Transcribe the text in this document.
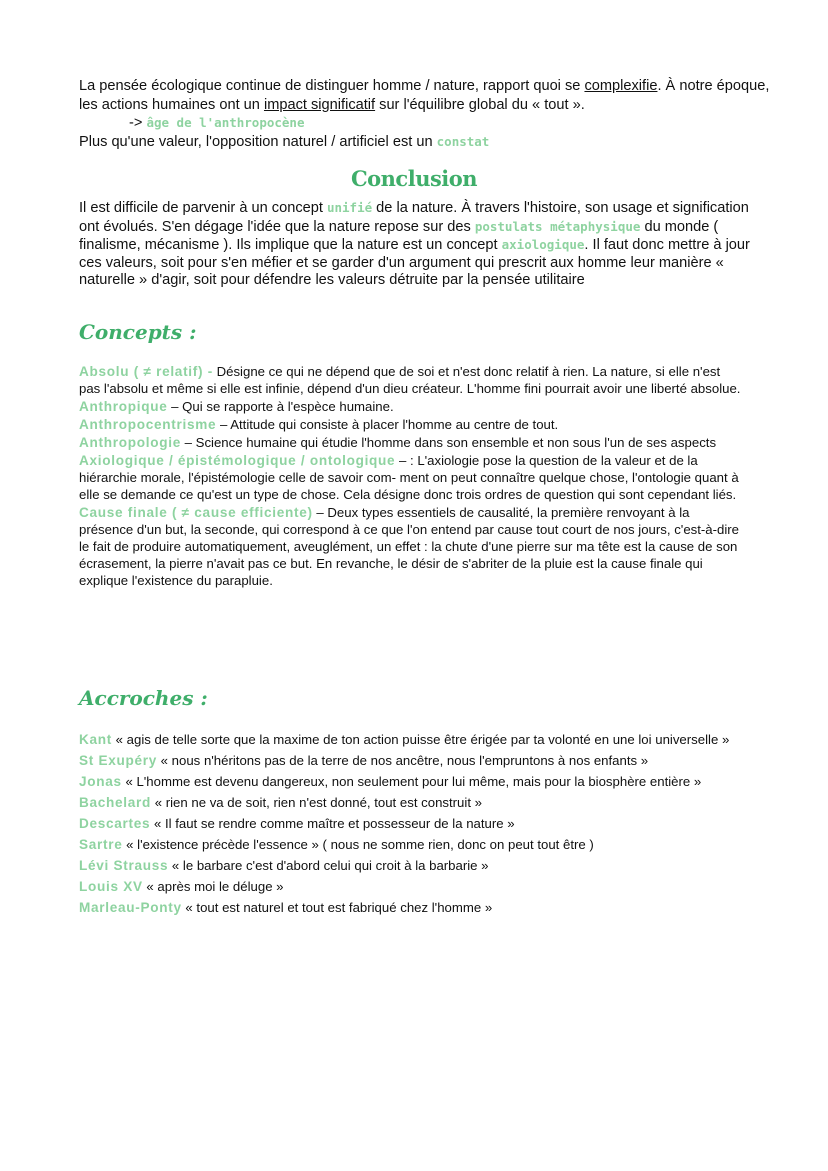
La pensée écologique continue de distinguer homme / nature, rapport quoi se complexifie. À notre époque, les actions humaines ont un impact significatif sur l'équilibre global du « tout ».

-> âge de l'anthropocène

Plus qu'une valeur, l'opposition naturel / artificiel est un constat

Conclusion

Il est difficile de parvenir à un concept unifié de la nature. À travers l'histoire, son usage et signification ont évolués. S'en dégage l'idée que la nature repose sur des postulats métaphysique du monde ( finalisme, mécanisme ). Ils implique que la nature est un concept axiologique. Il faut donc mettre à jour ces valeurs, soit pour s'en méfier et se garder d'un argument qui prescrit aux homme leur manière « naturelle » d'agir, soit pour défendre les valeurs détruite par la pensée utilitaire

Concepts :

Absolu ( ≠ relatif) - Désigne ce qui ne dépend que de soi et n'est donc relatif à rien. La nature, si elle n'est pas l'absolu et même si elle est infinie, dépend d'un dieu créateur. L'homme fini pourrait avoir une liberté absolue.

Anthropique – Qui se rapporte à l'espèce humaine.

Anthropocentrisme – Attitude qui consiste à placer l'homme au centre de tout.

Anthropologie – Science humaine qui étudie l'homme dans son ensemble et non sous l'un de ses aspects

Axiologique / épistémologique / ontologique – : L'axiologie pose la question de la valeur et de la hiérarchie morale, l'épistémologie celle de savoir com- ment on peut connaître quelque chose, l'ontologie quant à elle se demande ce qu'est un type de chose. Cela désigne donc trois ordres de question qui sont cependant liés.

Cause finale ( ≠ cause efficiente) – Deux types essentiels de causalité, la première renvoyant à la présence d'un but, la seconde, qui correspond à ce que l'on entend par cause tout court de nos jours, c'est-à-dire le fait de produire automatiquement, aveuglément, un effet : la chute d'une pierre sur ma tête est la cause de son écrasement, la pierre n'avait pas ce but. En revanche, le désir de s'abriter de la pluie est la cause finale qui explique l'existence du parapluie.

Accroches :

Kant « agis de telle sorte que la maxime de ton action puisse être érigée par ta volonté en une loi universelle »

St Exupéry « nous n'héritons pas de la terre de nos ancêtre, nous l'empruntons à nos enfants »

Jonas « L'homme est devenu dangereux, non seulement pour lui même, mais pour la biosphère entière »

Bachelard « rien ne va de soit, rien n'est donné, tout est construit »

Descartes « Il faut se rendre comme maître et possesseur de la nature »

Sartre « l'existence précède l'essence » ( nous ne somme rien, donc on peut tout être )

Lévi Strauss « le barbare c'est d'abord celui qui croit à la barbarie »

Louis XV « après moi le déluge »

Marleau-Ponty « tout est naturel et tout est fabriqué chez l'homme »
